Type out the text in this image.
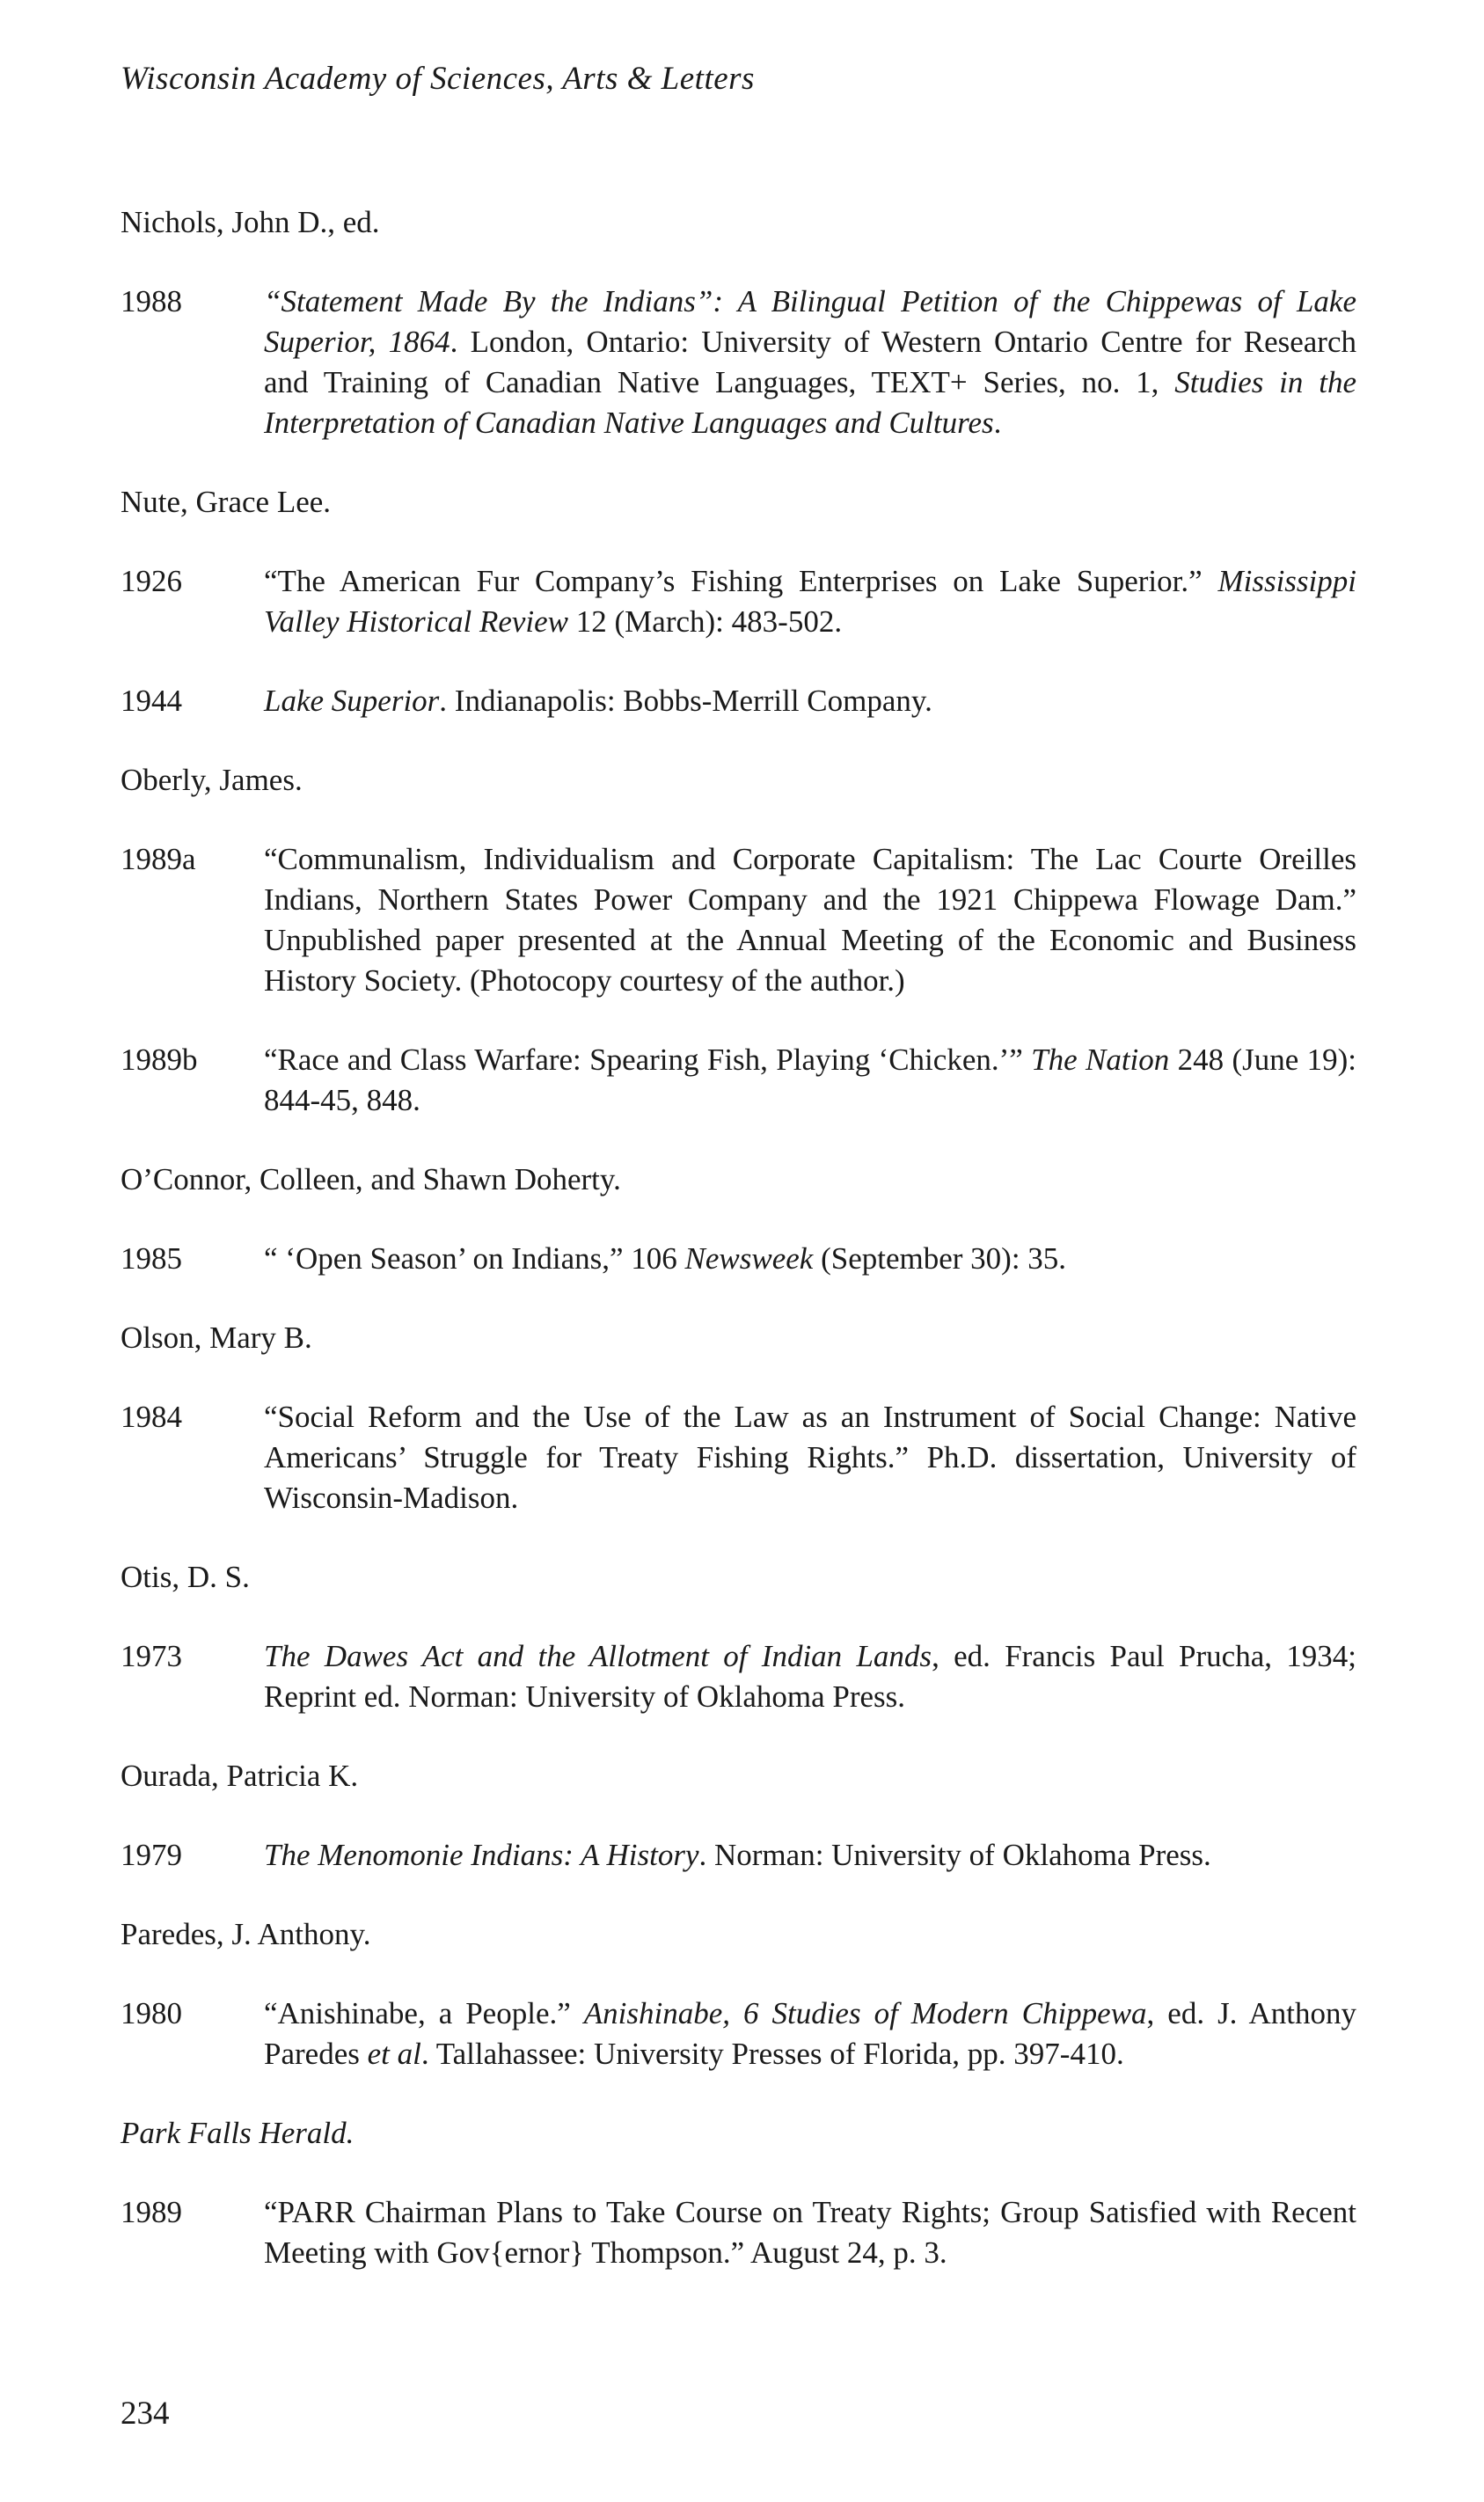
Wisconsin Academy of Sciences, Arts & Letters
Nichols, John D., ed.
1988	“Statement Made By the Indians”: A Bilingual Petition of the Chippewas of Lake Superior, 1864. London, Ontario: University of Western Ontario Centre for Research and Training of Canadian Native Languages, TEXT+ Series, no. 1, Studies in the Interpretation of Canadian Native Languages and Cultures.
Nute, Grace Lee.
1926	“The American Fur Company’s Fishing Enterprises on Lake Superior.” Mississippi Valley Historical Review 12 (March): 483-502.
1944	Lake Superior. Indianapolis: Bobbs-Merrill Company.
Oberly, James.
1989a	“Communalism, Individualism and Corporate Capitalism: The Lac Courte Oreilles Indians, Northern States Power Company and the 1921 Chippewa Flowage Dam.” Unpublished paper presented at the Annual Meeting of the Economic and Business History Society. (Photocopy courtesy of the author.)
1989b	“Race and Class Warfare: Spearing Fish, Playing ‘Chicken.’” The Nation 248 (June 19): 844-45, 848.
O’Connor, Colleen, and Shawn Doherty.
1985	“ ‘Open Season’ on Indians,” 106 Newsweek (September 30): 35.
Olson, Mary B.
1984	“Social Reform and the Use of the Law as an Instrument of Social Change: Native Americans’ Struggle for Treaty Fishing Rights.” Ph.D. dissertation, University of Wisconsin-Madison.
Otis, D. S.
1973	The Dawes Act and the Allotment of Indian Lands, ed. Francis Paul Prucha, 1934; Reprint ed. Norman: University of Oklahoma Press.
Ourada, Patricia K.
1979	The Menomonie Indians: A History. Norman: University of Oklahoma Press.
Paredes, J. Anthony.
1980	“Anishinabe, a People.” Anishinabe, 6 Studies of Modern Chippewa, ed. J. Anthony Paredes et al. Tallahassee: University Presses of Florida, pp. 397-410.
Park Falls Herald.
1989	“PARR Chairman Plans to Take Course on Treaty Rights; Group Satisfied with Recent Meeting with Gov{ernor} Thompson.” August 24, p. 3.
234
